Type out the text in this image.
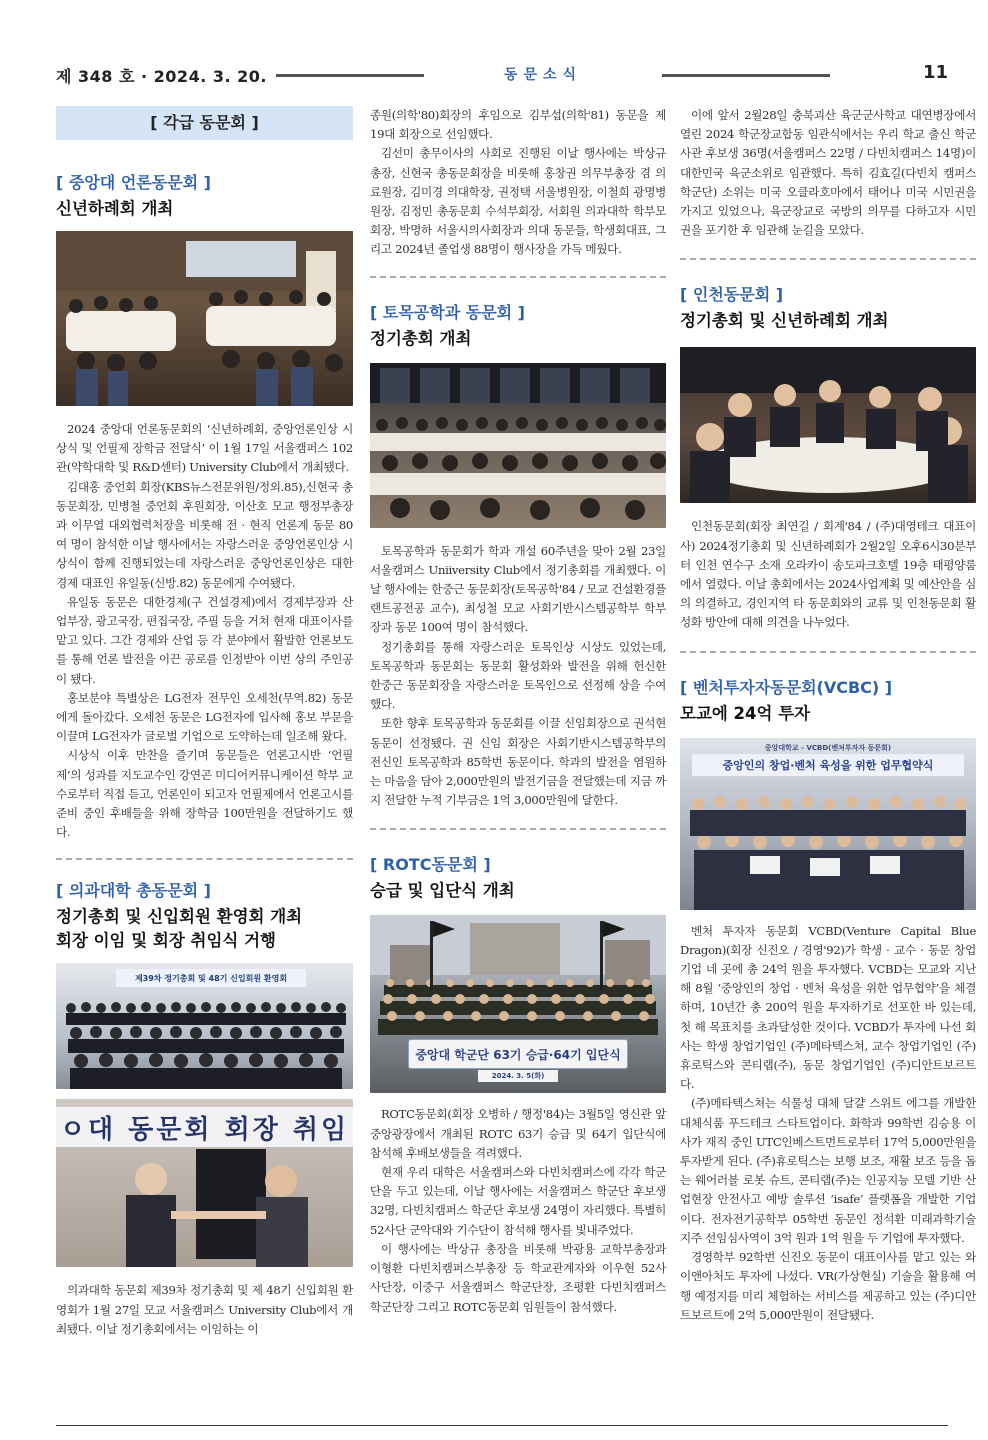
제 348 호 · 2024. 3. 20.	동문소식	11
[ 각급 동문회 ]
[ 중앙대 언론동문회 ]
신년하례회 개최

2024 중앙대 언론동문회의 ‘신년하례회, 중앙언론인상 시상식 및 언필제 장학금 전달식’ 이 1월 17일 서울캠퍼스 102관(약학대학 및 R&D센터) University Club에서 개최됐다.

김대홍 중언회 회장(KBS뉴스전문위원/정외.85),신현국 총동문회장, 민병철 중언회 후원회장, 이산호 모교 행정부총장과 이무열 대외협력처장을 비롯해 전 · 현직 언론계 동문 80여 명이 참석한 이날 행사에서는 자랑스러운 중앙언론인상 시상식이 함께 진행되었는데 자랑스러운 중앙언론인상은 대한경제 대표인 유일동(신방.82) 동문에게 수여됐다.

유일동 동문은 대한경제(구 건설경제)에서 경제부장과 산업부장, 광고국장, 편집국장, 주필 등을 거쳐 현재 대표이사를 맡고 있다. 그간 경제와 산업 등 각 분야에서 활발한 언론보도를 통해 언론 발전을 이끈 공로를 인정받아 이번 상의 주인공이 됐다.

홍보분야 특별상은 LG전자 전무인 오세천(무역.82) 동문에게 돌아갔다. 오세천 동문은 LG전자에 입사해 홍보 부문을 이끌며 LG전자가 글로벌 기업으로 도약하는데 일조해 왔다.

시상식 이후 만찬을 즐기며 동문들은 언론고시반 ‘언필제’의 성과를 지도교수인 강연곤 미디어커뮤니케이션 학부 교수로부터 직접 듣고, 언론인이 되고자 언필제에서 언론고시를 준비 중인 후배들을 위해 장학금 100만원을 전달하기도 했다.

[ 의과대학 총동문회 ]
정기총회 및 신입회원 환영회 개최
회장 이임 및 회장 취임식 거행
제39차 정기총회 및 48기 신입회원 환영회
ㅇ대 동문회 회장 취임

의과대학 동문회 제39차 정기총회 및 제 48기 신입회원 환영회가 1월 27일 모교 서울캠퍼스 University Club에서 개최됐다. 이날 정기총회에서는 이임하는 이

종원(의학'80)회장의 후임으로 김부섭(의학'81) 동문을 제19대 회장으로 선임했다.

김선미 총무이사의 사회로 진행된 이날 행사에는 박상규 총장, 신현국 총동문회장을 비롯해 홍창권 의무부총장 겸 의료원장, 김미경 의대학장, 권정택 서울병원장, 이철희 광명병원장, 김정민 총동문회 수석부회장, 서회원 의과대학 학부모회장, 박명하 서울시의사회장과 의대 동문들, 학생회대표, 그리고 2024년 졸업생 88명이 행사장을 가득 메웠다.

[ 토목공학과 동문회 ]
정기총회 개최

토목공학과 동문회가 학과 개설 60주년을 맞아 2월 23일 서울캠퍼스 Uniiversity Club에서 정기총회를 개최했다. 이날 행사에는 한중근 동문회장(토목공학'84 / 모교 건설환경플랜트공전공 교수), 최성철 모교 사회기반시스템공학부 학부장과 동문 100여 명이 참석했다.

정기총회를 통해 자랑스러운 토목인상 시상도 있었는데, 토목공학과 동문회는 동문회 활성화와 발전을 위해 헌신한 한중근 동문회장을 자랑스러운 토목인으로 선정해 상을 수여했다.

또한 향후 토목공학과 동문회를 이끌 신임회장으로 권석현 동문이 선정됐다. 권 신임 회장은 사회기반시스템공학부의 전신인 토목공학과 85학번 동문이다. 학과의 발전을 염원하는 마음을 담아 2,000만원의 발전기금을 전달했는데 지금 까지 전달한 누적 기부금은 1억 3,000만원에 달한다.

[ ROTC동문회 ]
승급 및 입단식 개최
중앙대 학군단 63기 승급·64기 입단식
2024. 3. 5(화)

ROTC동문회(회장 오병하 / 행정'84)는 3월5일 영신관 앞 중앙광장에서 개최된 ROTC 63기 승급 및 64기 입단식에 참석해 후배보생들을 격려했다.

현재 우리 대학은 서울캠퍼스와 다빈치캠퍼스에 각각 학군단을 두고 있는데, 이날 행사에는 서울캠퍼스 학군단 후보생 32명, 다빈치캠퍼스 학군단 후보생 24명이 자리했다. 특별히 52사단 군악대와 기수단이 참석해 행사를 빛내주었다.

이 행사에는 박상규 총장을 비롯해 박광용 교학부총장과 이형환 다빈치캠퍼스부총장 등 학교관계자와 이우현 52사 사단장, 이중구 서울캠퍼스 학군단장, 조평환 다빈치캠퍼스 학군단장 그리고 ROTC동문회 임원들이 참석했다.

이에 앞서 2월28일 충북괴산 육군군사학교 대연병장에서 열린 2024 학군장교합동 임관식에서는 우리 학교 출신 학군사관 후보생 36명(서울캠퍼스 22명 / 다빈치캠퍼스 14명)이 대한민국 육군소위로 임관했다. 특히 김효길(다빈치 캠퍼스학군단) 소위는 미국 오클라호마에서 태어나 미국 시민권을 가지고 있었으나, 육군장교로 국방의 의무를 다하고자 시민권을 포기한 후 임관해 눈길을 모았다.

[ 인천동문회 ]
정기총회 및 신년하례회 개최

인천동문회(회장 최연길 / 회계'84 / (주)대영테크 대표이사) 2024정기총회 및 신년하례회가 2월2일 오후6시30분부터 인천 연수구 소재 오라카이 송도파크호텔 19층 태평양룸에서 열렸다. 이날 총회에서는 2024사업계획 및 예산안을 심의 의결하고, 경인지역 타 동문회와의 교류 및 인천동문회 활성화 방안에 대해 의견을 나누었다.

[ 벤처투자자동문회(VCBC) ]
모교에 24억 투자
중앙대학교 - VCBD(벤처투자자 동문회)
중앙인의 창업·벤처 육성을 위한 업무협약식

벤처 투자자 동문회 VCBD(Venture Capital Blue Dragon)(회장 신진오 / 경영'92)가 학생 · 교수 · 동문 창업기업 네 곳에 총 24억 원을 투자했다. VCBD는 모교와 지난해 8월 ‘중앙인의 창업 · 벤처 육성을 위한 업무협약’을 체결하며, 10년간 총 200억 원을 투자하기로 선포한 바 있는데, 첫 해 목표치를 초과달성한 것이다. VCBD가 투자에 나선 회사는 학생 창업기업인 (주)메타텍스쳐, 교수 창업기업인 (주)휴로틱스와 콘티랩(주), 동문 창업기업인 (주)디안트보르트다.

(주)메타텍스쳐는 식물성 대체 달걀 스위트 에그를 개발한 대체식품 푸드테크 스타트업이다. 화학과 99학번 김승용 이사가 재직 중인 UTC인베스트먼트로부터 17억 5,000만원을 투자받게 된다. (주)휴로틱스는 보행 보조, 재활 보조 등을 돕는 웨어러블 로봇 슈트, 콘티랩(주)는 인공지능 모델 기반 산업현장 안전사고 예방 솔루션 ‘isafe’ 플랫폼을 개발한 기업이다. 전자전기공학부 05학번 동문인 정석환 미래과학기술지주 선임심사역이 3억 원과 1억 원을 두 기업에 투자했다.

경영학부 92학번 신진오 동문이 대표이사를 맡고 있는 와이앤아처도 투자에 나섰다. VR(가상현실) 기술을 활용해 여행 예정지를 미리 체험하는 서비스를 제공하고 있는 (주)디안트보르트에 2억 5,000만원이 전달됐다.
